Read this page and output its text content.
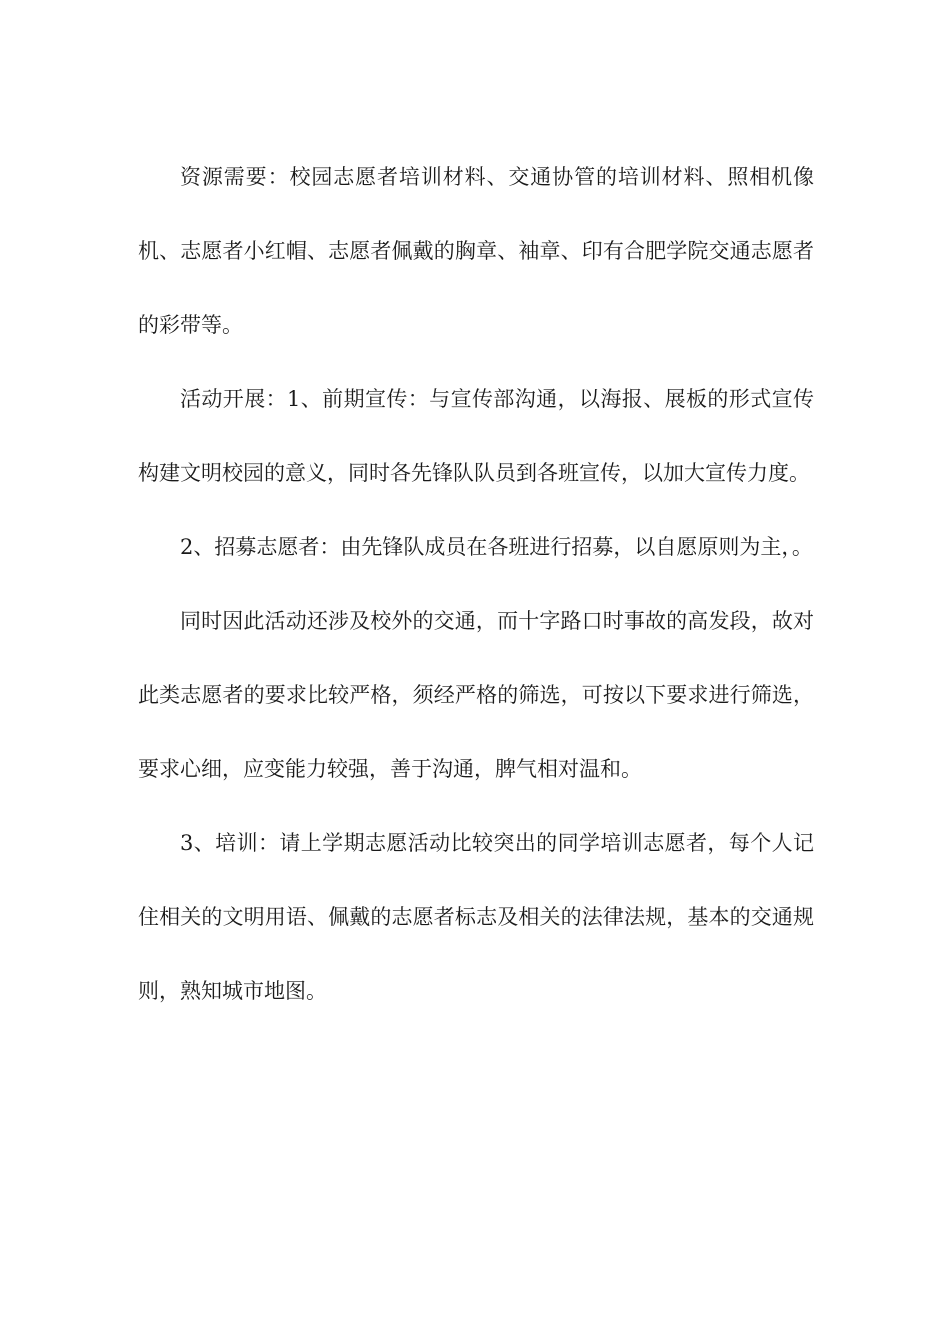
资源需要：校园志愿者培训材料、交通协管的培训材料、照相机像机、志愿者小红帽、志愿者佩戴的胸章、袖章、印有合肥学院交通志愿者的彩带等。

活动开展：1、前期宣传：与宣传部沟通，以海报、展板的形式宣传构建文明校园的意义，同时各先锋队队员到各班宣传，以加大宣传力度。

2、招募志愿者：由先锋队成员在各班进行招募，以自愿原则为主，。

同时因此活动还涉及校外的交通，而十字路口时事故的高发段，故对此类志愿者的要求比较严格，须经严格的筛选，可按以下要求进行筛选，要求心细，应变能力较强，善于沟通，脾气相对温和。

3、培训：请上学期志愿活动比较突出的同学培训志愿者，每个人记住相关的文明用语、佩戴的志愿者标志及相关的法律法规，基本的交通规则，熟知城市地图。
